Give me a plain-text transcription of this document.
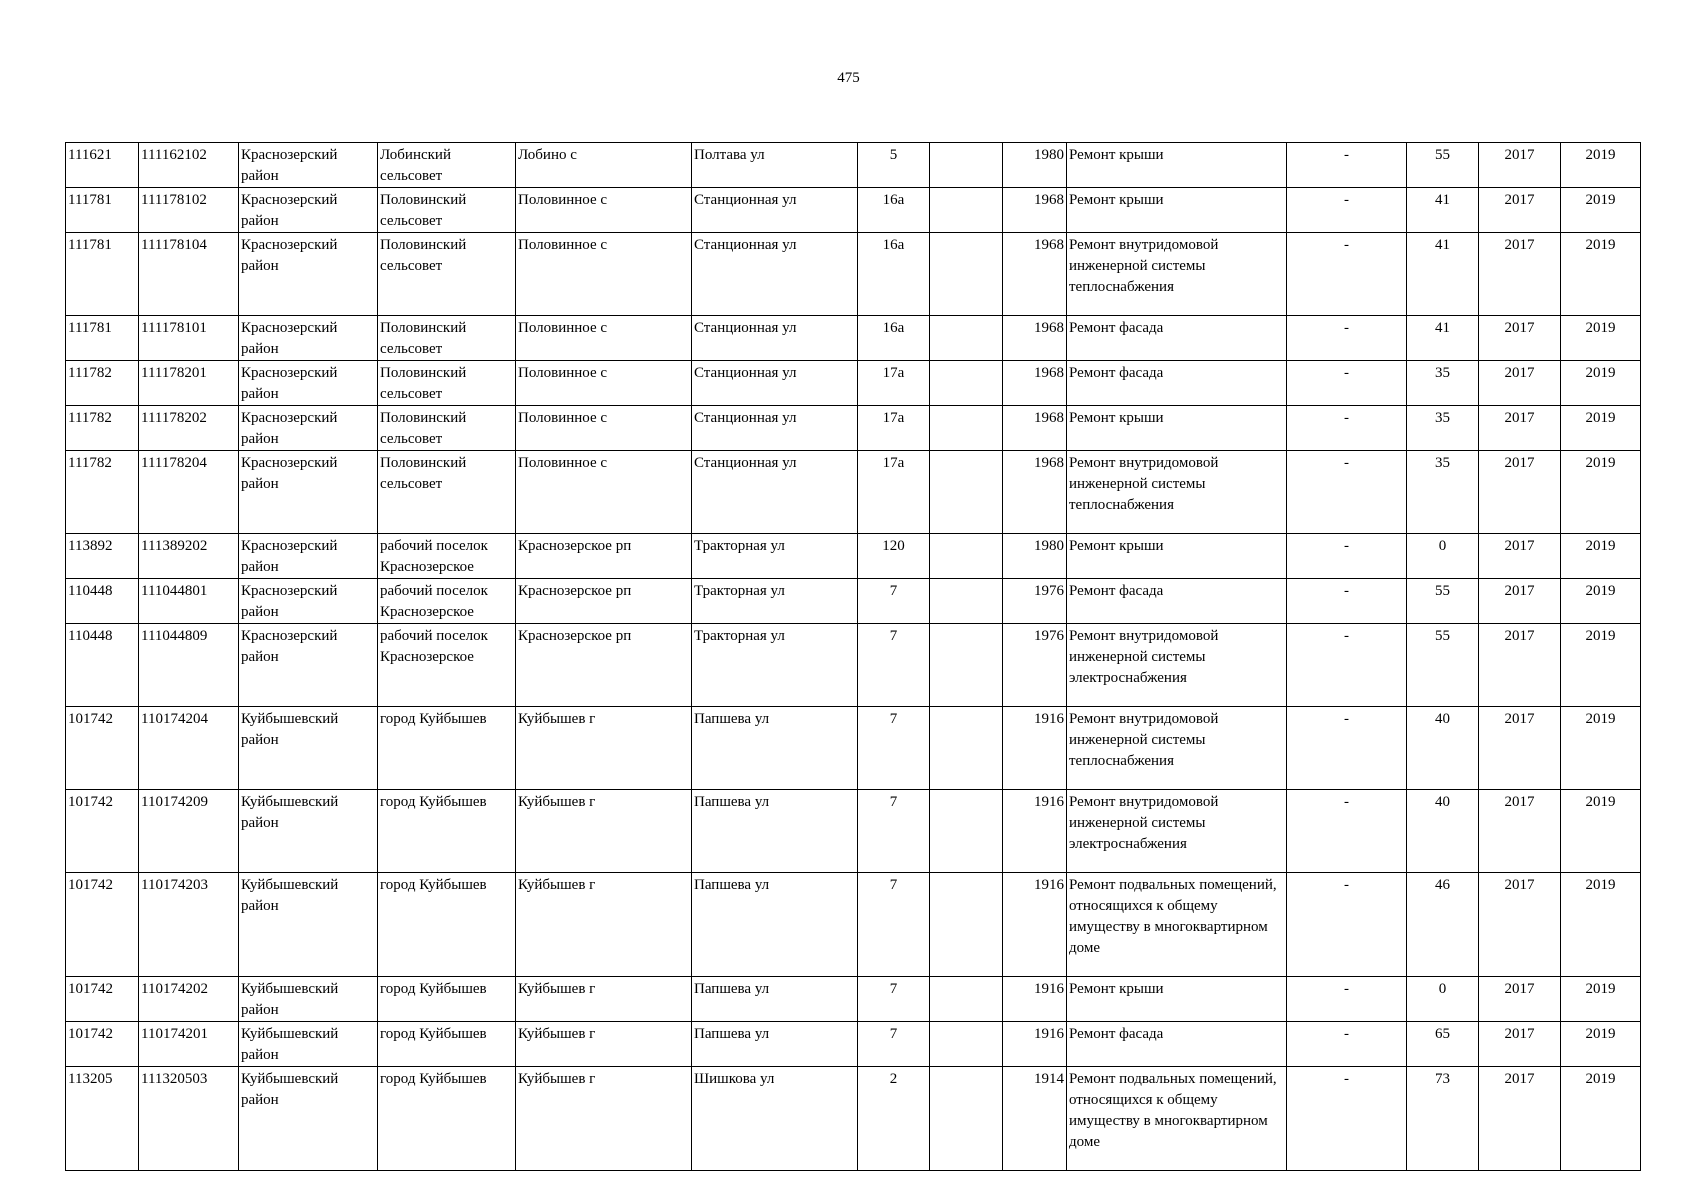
475
111621	111162102	Краснозерский район	Лобинский сельсовет	Лобино с	Полтава ул	5		1980	Ремонт крыши	-	55	2017	2019
111781	111178102	Краснозерский район	Половинский сельсовет	Половинное с	Станционная ул	16а		1968	Ремонт крыши	-	41	2017	2019
111781	111178104	Краснозерский район	Половинский сельсовет	Половинное с	Станционная ул	16а		1968	Ремонт внутридомовой инженерной системы теплоснабжения	-	41	2017	2019
111781	111178101	Краснозерский район	Половинский сельсовет	Половинное с	Станционная ул	16а		1968	Ремонт фасада	-	41	2017	2019
111782	111178201	Краснозерский район	Половинский сельсовет	Половинное с	Станционная ул	17а		1968	Ремонт фасада	-	35	2017	2019
111782	111178202	Краснозерский район	Половинский сельсовет	Половинное с	Станционная ул	17а		1968	Ремонт крыши	-	35	2017	2019
111782	111178204	Краснозерский район	Половинский сельсовет	Половинное с	Станционная ул	17а		1968	Ремонт внутридомовой инженерной системы теплоснабжения	-	35	2017	2019
113892	111389202	Краснозерский район	рабочий поселок Краснозерское	Краснозерское рп	Тракторная ул	120		1980	Ремонт крыши	-	0	2017	2019
110448	111044801	Краснозерский район	рабочий поселок Краснозерское	Краснозерское рп	Тракторная ул	7		1976	Ремонт фасада	-	55	2017	2019
110448	111044809	Краснозерский район	рабочий поселок Краснозерское	Краснозерское рп	Тракторная ул	7		1976	Ремонт внутридомовой инженерной системы электроснабжения	-	55	2017	2019
101742	110174204	Куйбышевский район	город Куйбышев	Куйбышев г	Папшева ул	7		1916	Ремонт внутридомовой инженерной системы теплоснабжения	-	40	2017	2019
101742	110174209	Куйбышевский район	город Куйбышев	Куйбышев г	Папшева ул	7		1916	Ремонт внутридомовой инженерной системы электроснабжения	-	40	2017	2019
101742	110174203	Куйбышевский район	город Куйбышев	Куйбышев г	Папшева ул	7		1916	Ремонт подвальных помещений, относящихся к общему имуществу в многоквартирном доме	-	46	2017	2019
101742	110174202	Куйбышевский район	город Куйбышев	Куйбышев г	Папшева ул	7		1916	Ремонт крыши	-	0	2017	2019
101742	110174201	Куйбышевский район	город Куйбышев	Куйбышев г	Папшева ул	7		1916	Ремонт фасада	-	65	2017	2019
113205	111320503	Куйбышевский район	город Куйбышев	Куйбышев г	Шишкова ул	2		1914	Ремонт подвальных помещений, относящихся к общему имуществу в многоквартирном доме	-	73	2017	2019
